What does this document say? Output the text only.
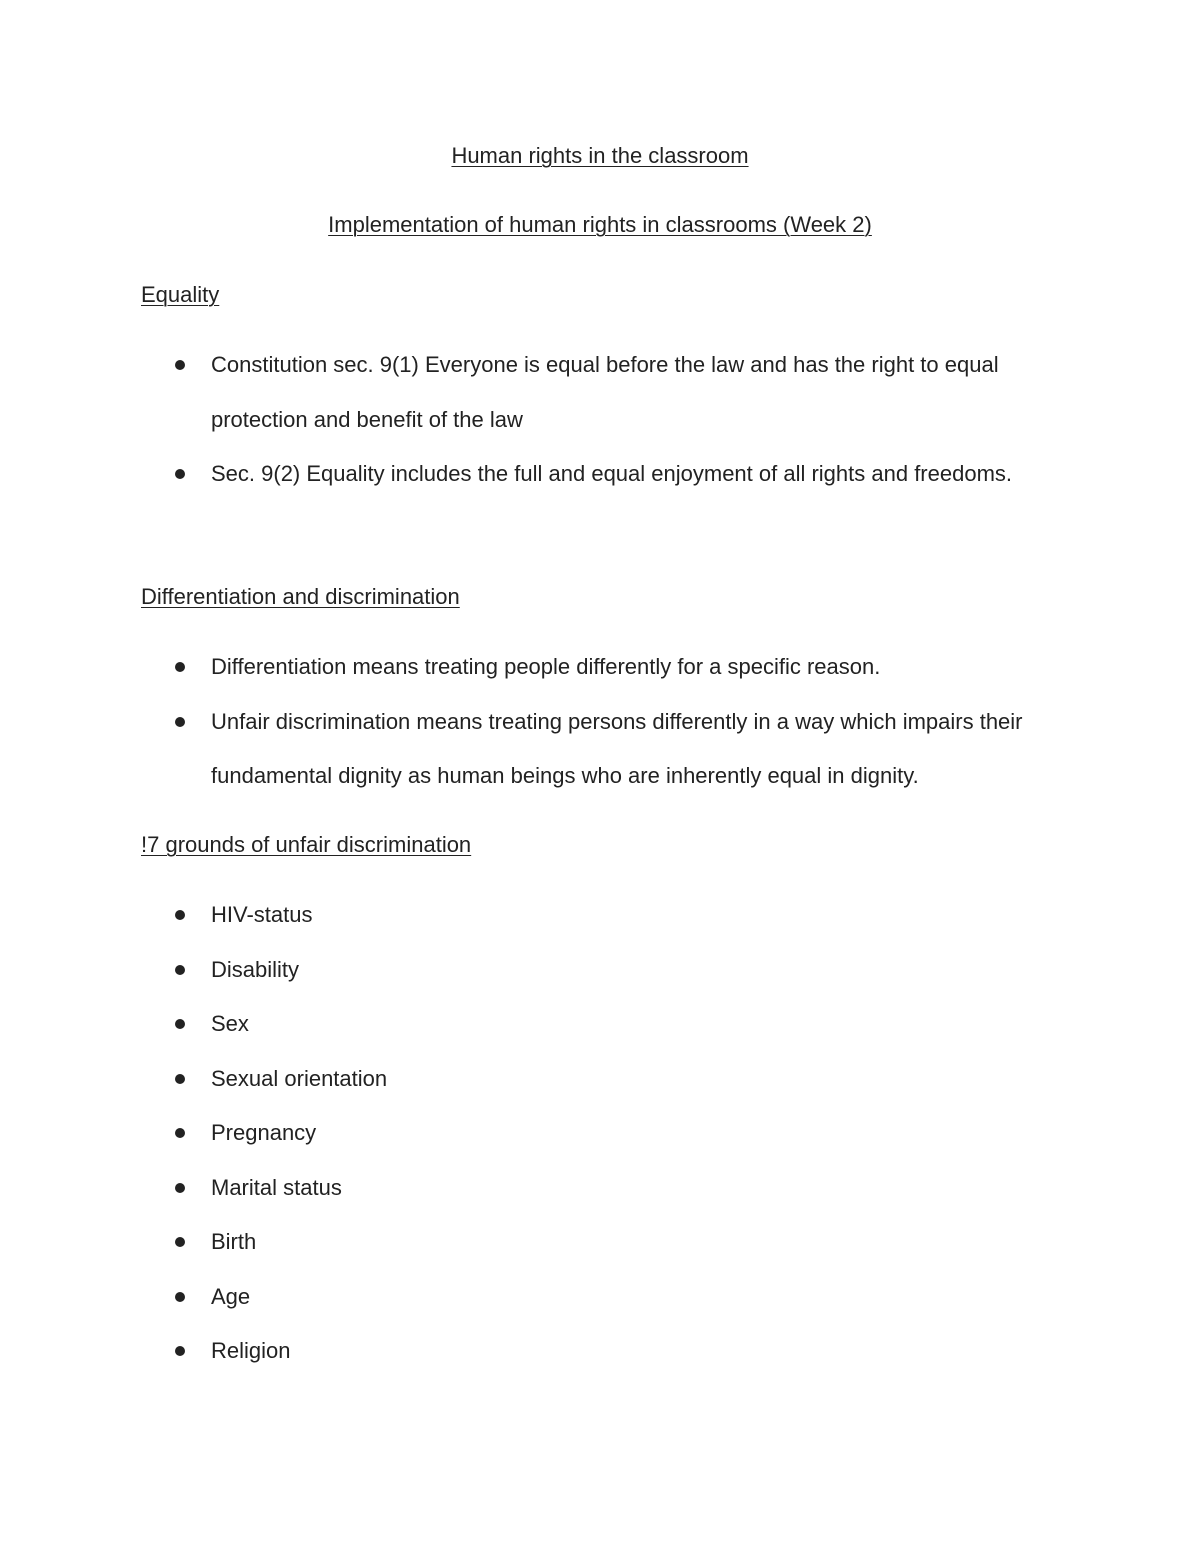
Human rights in the classroom
Implementation of human rights in classrooms (Week 2)
Equality
Constitution sec. 9(1) Everyone is equal before the law and has the right to equal protection and benefit of the law
Sec. 9(2) Equality includes the full and equal enjoyment of all rights and freedoms.
Differentiation and discrimination
Differentiation means treating people differently for a specific reason.
Unfair discrimination means treating persons differently in a way which impairs their fundamental dignity as human beings who are inherently equal in dignity.
!7 grounds of unfair discrimination
HIV-status
Disability
Sex
Sexual orientation
Pregnancy
Marital status
Birth
Age
Religion
